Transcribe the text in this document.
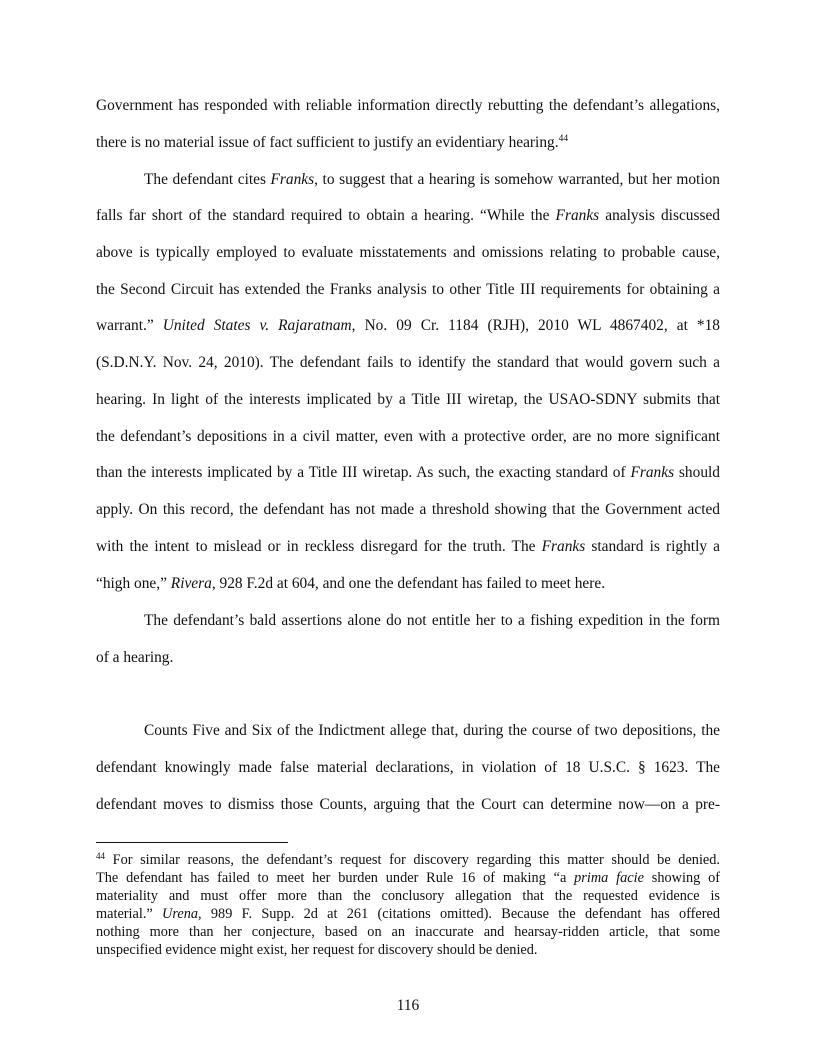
Government has responded with reliable information directly rebutting the defendant’s allegations,
there is no material issue of fact sufficient to justify an evidentiary hearing.$^{44}$
The defendant cites Franks, to suggest that a hearing is somehow warranted, but her motion
falls far short of the standard required to obtain a hearing. “While the Franks analysis discussed
above is typically employed to evaluate misstatements and omissions relating to probable cause,
the Second Circuit has extended the Franks analysis to other Title III requirements for obtaining a
warrant.” United States v. Rajaratnam, No. 09 Cr. 1184 (RJH), 2010 WL 4867402, at *18
(S.D.N.Y. Nov. 24, 2010). The defendant fails to identify the standard that would govern such a
hearing. In light of the interests implicated by a Title III wiretap, the USAO-SDNY submits that
the defendant’s depositions in a civil matter, even with a protective order, are no more significant
than the interests implicated by a Title III wiretap. As such, the exacting standard of Franks should
apply. On this record, the defendant has not made a threshold showing that the Government acted
with the intent to mislead or in reckless disregard for the truth. The Franks standard is rightly a
“high one,” Rivera, 928 F.2d at 604, and one the defendant has failed to meet here.
The defendant’s bald assertions alone do not entitle her to a fishing expedition in the form
of a hearing.
Counts Five and Six of the Indictment allege that, during the course of two depositions, the
defendant knowingly made false material declarations, in violation of 18 U.S.C. § 1623. The
defendant moves to dismiss those Counts, arguing that the Court can determine now—on a pre-
$^{44}$ For similar reasons, the defendant’s request for discovery regarding this matter should be denied.
The defendant has failed to meet her burden under Rule 16 of making “a prima facie showing of
materiality and must offer more than the conclusory allegation that the requested evidence is
material.” Urena, 989 F. Supp. 2d at 261 (citations omitted). Because the defendant has offered
nothing more than her conjecture, based on an inaccurate and hearsay-ridden article, that some
unspecified evidence might exist, her request for discovery should be denied.
116
